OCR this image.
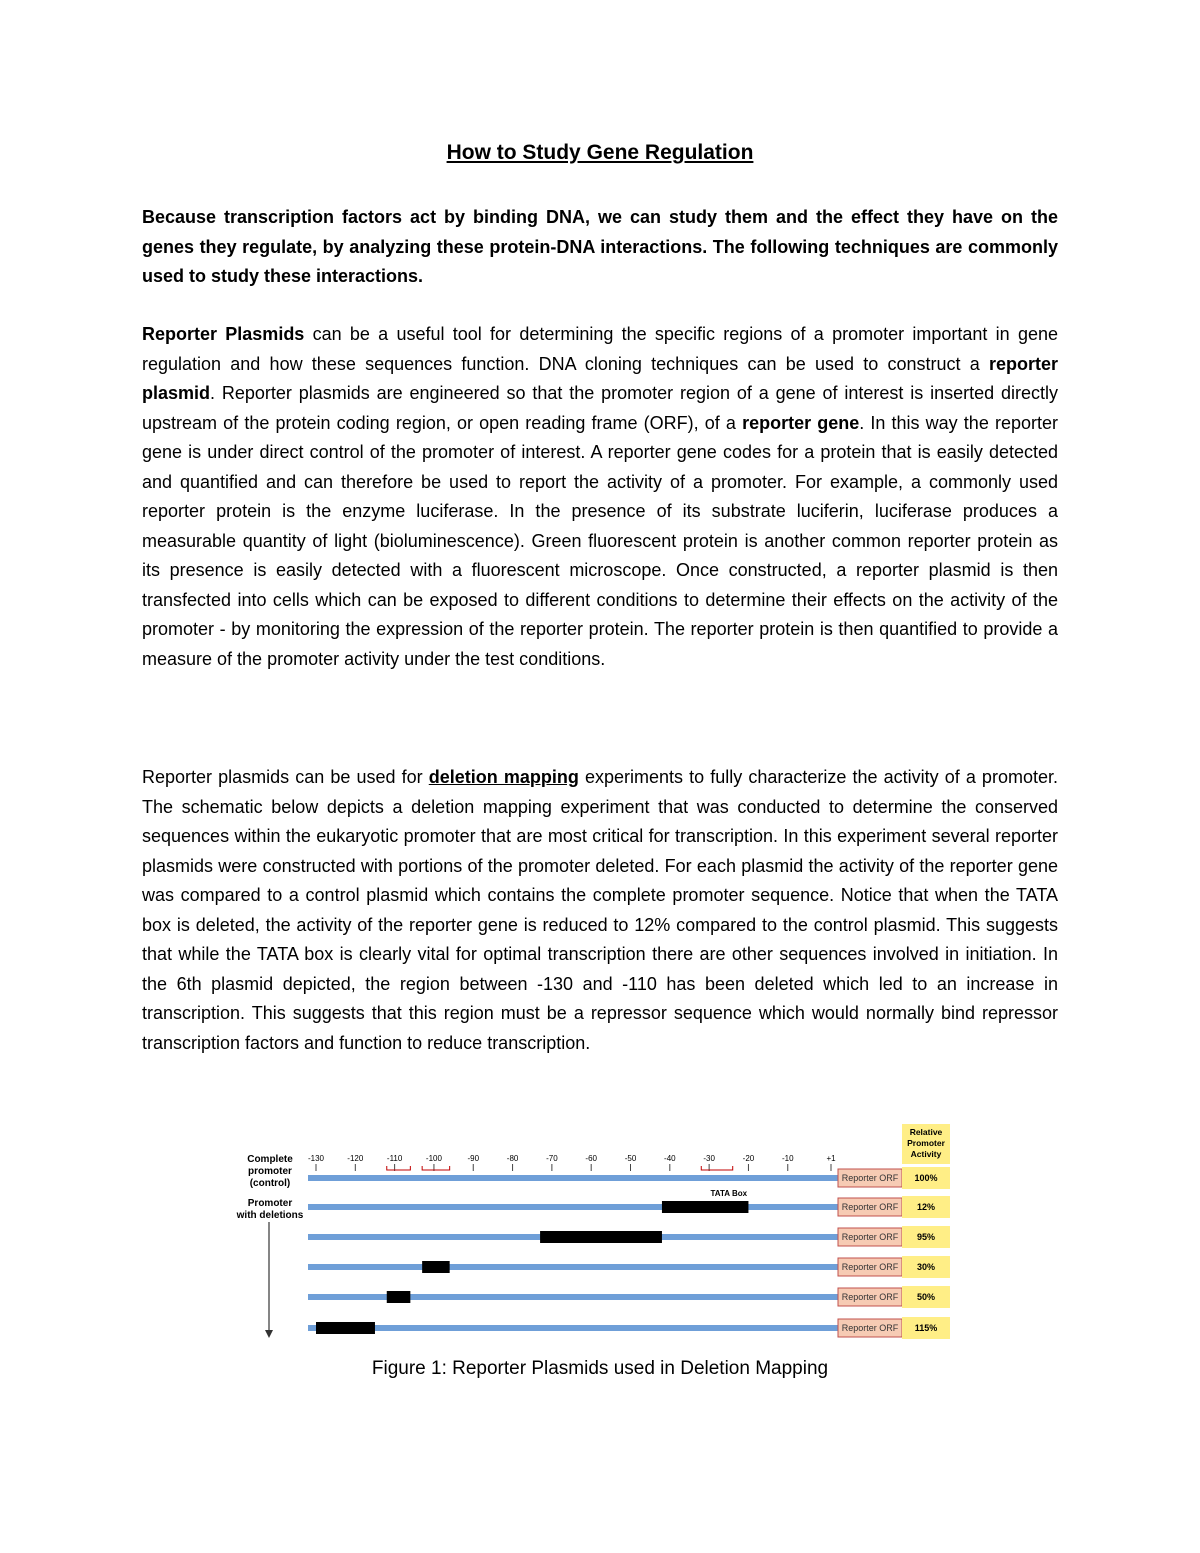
How to Study Gene Regulation

Because transcription factors act by binding DNA, we can study them and the effect they have on the genes they regulate, by analyzing these protein-DNA interactions. The following techniques are commonly used to study these interactions.

Reporter Plasmids can be a useful tool for determining the specific regions of a promoter important in gene regulation and how these sequences function. DNA cloning techniques can be used to construct a reporter plasmid. Reporter plasmids are engineered so that the promoter region of a gene of interest is inserted directly upstream of the protein coding region, or open reading frame (ORF), of a reporter gene. In this way the reporter gene is under direct control of the promoter of interest. A reporter gene codes for a protein that is easily detected and quantified and can therefore be used to report the activity of a promoter. For example, a commonly used reporter protein is the enzyme luciferase. In the presence of its substrate luciferin, luciferase produces a measurable quantity of light (bioluminescence). Green fluorescent protein is another common reporter protein as its presence is easily detected with a fluorescent microscope. Once constructed, a reporter plasmid is then transfected into cells which can be exposed to different conditions to determine their effects on the activity of the promoter - by monitoring the expression of the reporter protein. The reporter protein is then quantified to provide a measure of the promoter activity under the test conditions.

Reporter plasmids can be used for deletion mapping experiments to fully characterize the activity of a promoter. The schematic below depicts a deletion mapping experiment that was conducted to determine the conserved sequences within the eukaryotic promoter that are most critical for transcription. In this experiment several reporter plasmids were constructed with portions of the promoter deleted. For each plasmid the activity of the reporter gene was compared to a control plasmid which contains the complete promoter sequence. Notice that when the TATA box is deleted, the activity of the reporter gene is reduced to 12% compared to the control plasmid. This suggests that while the TATA box is clearly vital for optimal transcription there are other sequences involved in initiation. In the 6th plasmid depicted, the region between -130 and -110 has been deleted which led to an increase in transcription. This suggests that this region must be a repressor sequence which would normally bind repressor transcription factors and function to reduce transcription.

Complete
promoter
(control)
Promoter
with deletions
Relative
Promoter
Activity
-130	-120	-110	-100	-90	-80	-70	-60	-50	-40	-30	-20	-10	+1
Reporter ORF 100%
TATA Box
Reporter ORF 12%
Reporter ORF 95%
Reporter ORF 30%
Reporter ORF 50%
Reporter ORF 115%
Figure 1: Reporter Plasmids used in Deletion Mapping
